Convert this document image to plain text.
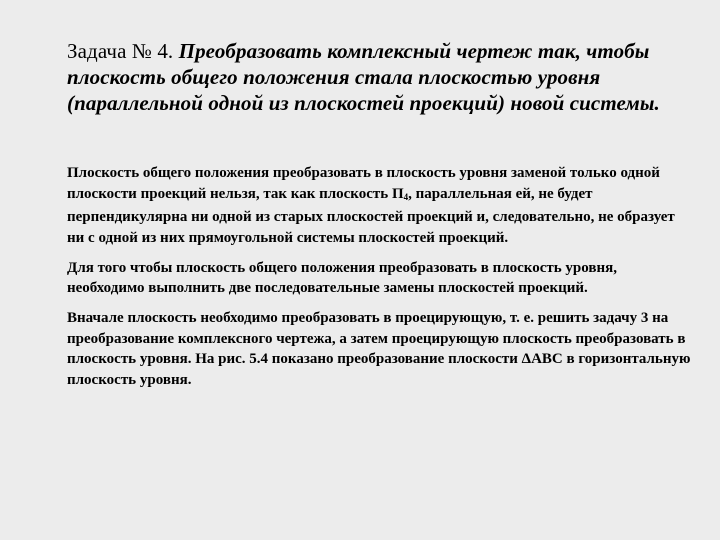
Задача № 4. Преобразовать комплексный чертеж так, чтобы плоскость общего положения стала плоскостью уровня (параллельной одной из плоскостей проекций) новой системы.

Плоскость общего положения преобразовать в плоскость уровня заменой только одной плоскости проекций нельзя, так как плоскость П4, параллельная ей, не будет перпендикулярна ни одной из старых плоскостей проекций и, следовательно, не образует ни с одной из них прямоугольной системы плоскостей проекций.

Для того чтобы плоскость общего положения преобразовать в плоскость уровня, необходимо выполнить две последовательные замены плоскостей проекций.

Вначале плоскость необходимо преобразовать в проецирующую, т. е. решить задачу 3 на преобразование комплексного чертежа, а затем проецирующую плоскость преобразовать в плоскость уровня. На рис. 5.4 показано преобразование плоскости ΔАВС в горизонтальную плоскость уровня.
